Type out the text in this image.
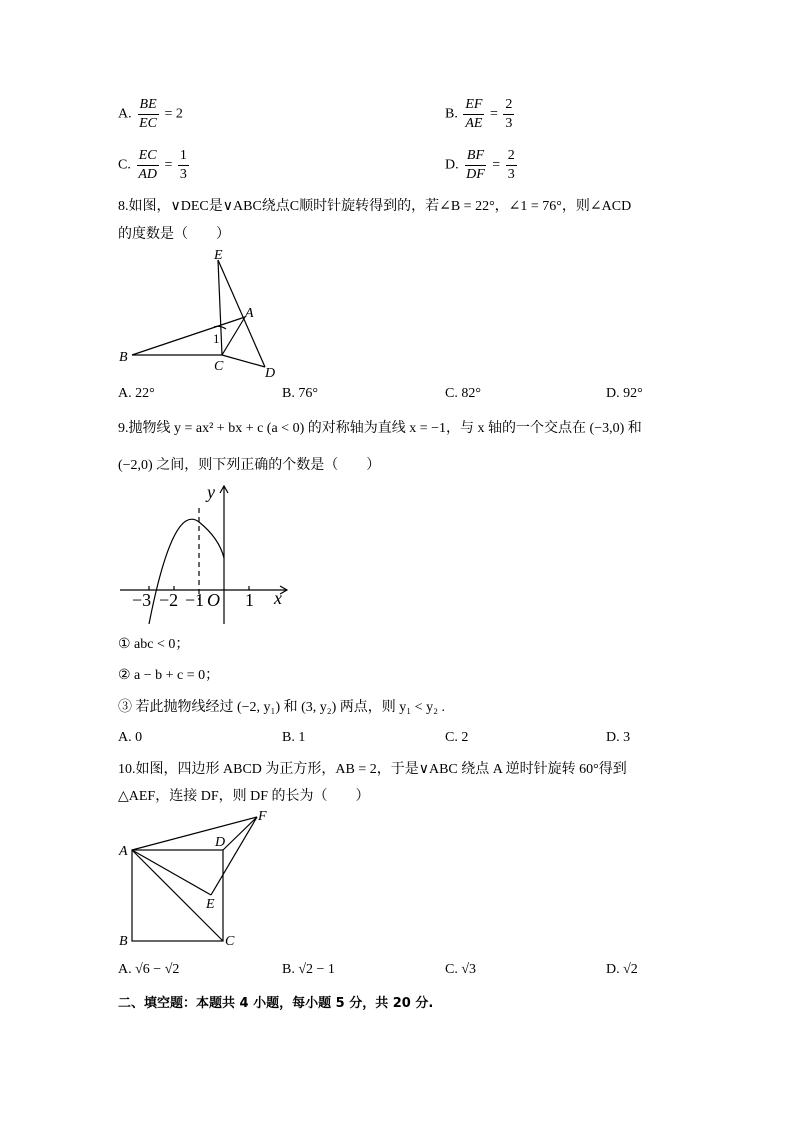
A. $\frac{BE}{EC} = 2$	B. $\frac{EF}{AE} = \frac{2}{3}$
C. $\frac{EC}{AD} = \frac{1}{3}$	D. $\frac{BF}{DF} = \frac{2}{3}$
8.如图，∨DEC是∨ABC绕点C顺时针旋转得到的，若∠B = 22°，∠1 = 76°，则∠ACD
的度数是（　　）
E
A
B
C	D
1
A. 22°	B. 76°	C. 82°	D. 92°
9.抛物线 y = ax² + bx + c (a < 0) 的对称轴为直线 x = −1，与 x 轴的一个交点在 (−3,0) 和
(−2,0) 之间，则下列正确的个数是（　　）
y
x
O
−3 −2 −1 1
① abc < 0；
② a − b + c = 0；
③ 若此抛物线经过 (−2, y₁) 和 (3, y₂) 两点，则 y₁ < y₂ .
A. 0	B. 1	C. 2	D. 3
10.如图，四边形 ABCD 为正方形，AB = 2，于是∨ABC 绕点 A 逆时针旋转 60°得到
△AEF，连接 DF，则 DF 的长为（　　）
A
B	C
D
E
F
A. √6 − √2	B. √2 − 1	C. √3	D. √2
二、填空题：本题共 4 小题，每小题 5 分，共 20 分.
